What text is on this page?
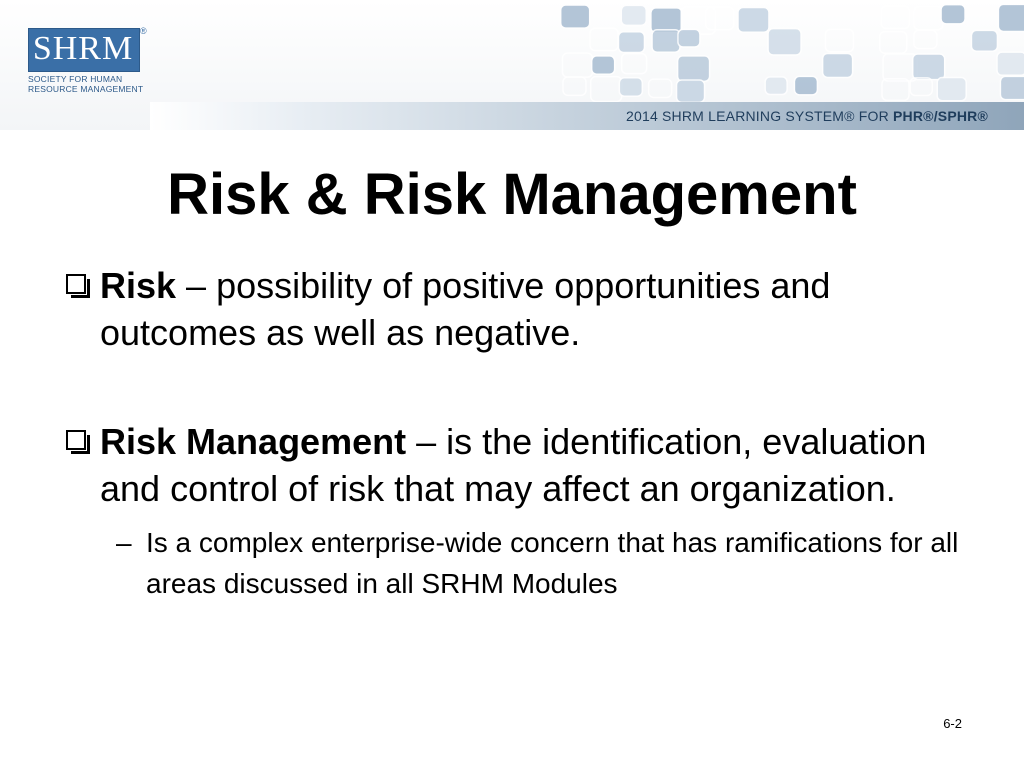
2014 SHRM LEARNING SYSTEM® FOR PHR®/SPHR®
SHRM ®
SOCIETY FOR HUMAN
RESOURCE MANAGEMENT
Risk & Risk Management
Risk – possibility of positive opportunities and outcomes as well as negative.
Risk Management – is the identification, evaluation and control of risk that may affect an organization.
– Is a complex enterprise-wide concern that has ramifications for all areas discussed in all SRHM Modules
6-2
